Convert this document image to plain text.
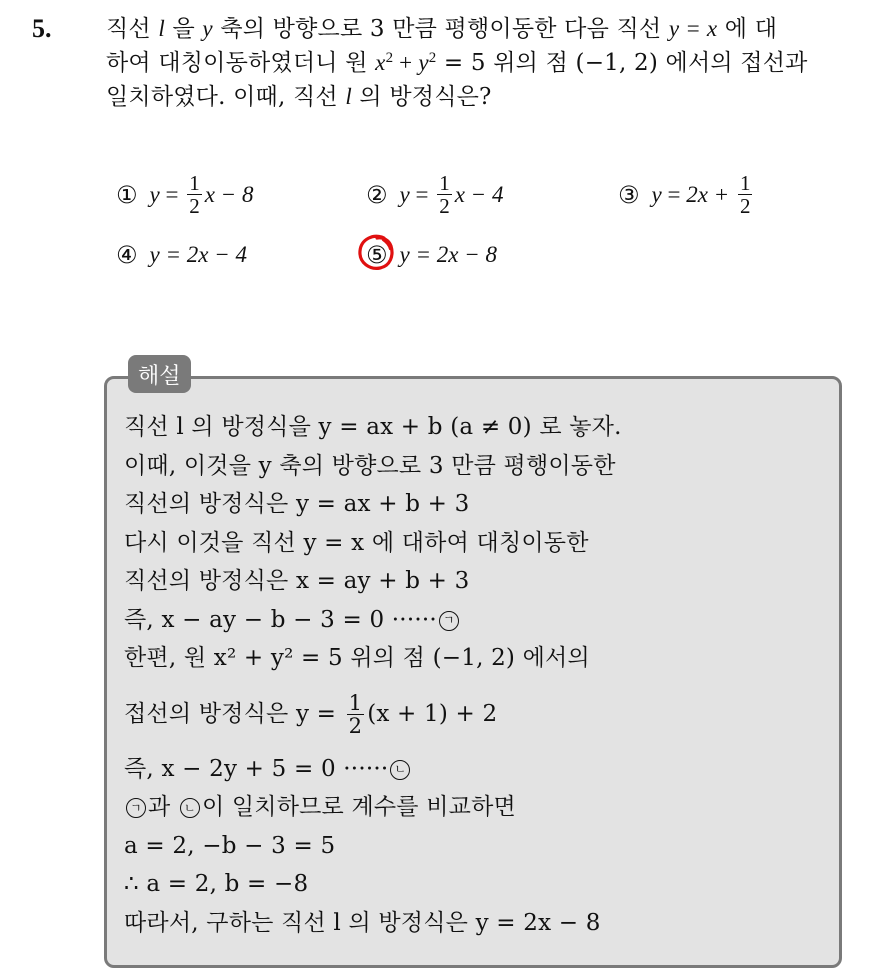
5. 직선 l 을 y 축의 방향으로 3 만큼 평행이동한 다음 직선 y = x 에 대
하여 대칭이동하였더니 원 $x^2 + y^2 = 5$ 위의 점 (−1, 2) 에서의 접선과
일치하였다. 이때, 직선 l 의 방정식은?
① $y = \frac{1}{2}$ x − 8	② $y = \frac{1}{2}$ x − 4	③ $y = 2x + \frac{1}{2}$
④ y = 2x − 4	⑤ y = 2x − 8
해설
직선 l 의 방정식을 y = ax + b (a ≠ 0) 로 놓자.
이때, 이것을 y 축의 방향으로 3 만큼 평행이동한
직선의 방정식은 y = ax + b + 3
다시 이것을 직선 y = x 에 대하여 대칭이동한
직선의 방정식은 x = ay + b + 3
즉, x − ay − b − 3 = 0 ······ ㄱ
한편, 원 x² + y² = 5 위의 점 (−1, 2) 에서의
접선의 방정식은 $y = \frac{1}{2} (x + 1) + 2$
즉, x − 2y + 5 = 0 ······ ㄴ
ㄱ 과 ㄴ 이 일치하므로 계수를 비교하면
a = 2, −b − 3 = 5
∴ a = 2, b = −8
따라서, 구하는 직선 l 의 방정식은 y = 2x − 8
